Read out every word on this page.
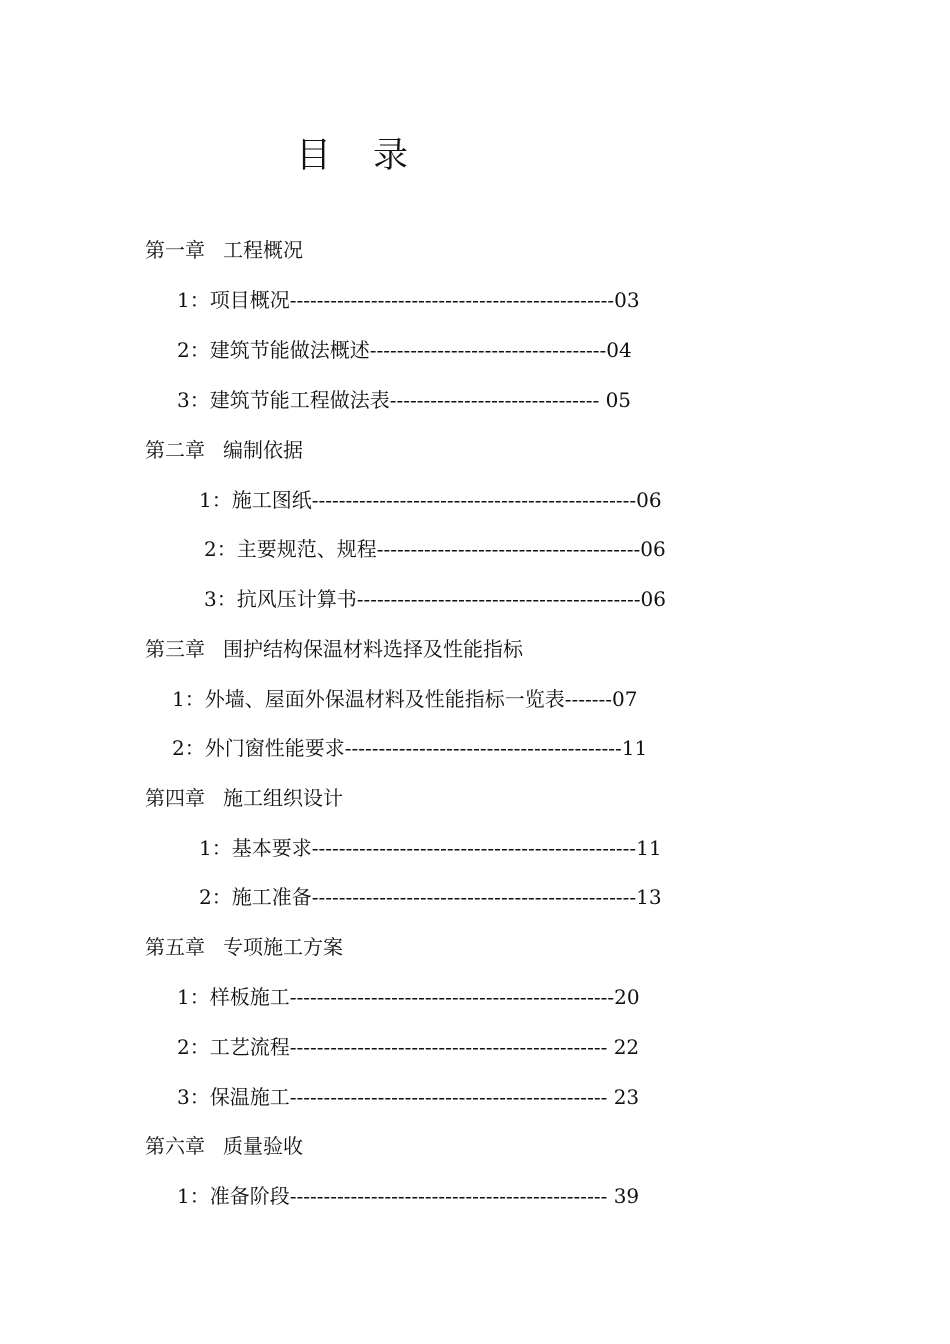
目 录
第一章 工程概况
1：项目概况------------------------------------------------03
2：建筑节能做法概述-----------------------------------04
3：建筑节能工程做法表------------------------------- 05
第二章 编制依据
1：施工图纸------------------------------------------------06
2：主要规范、规程---------------------------------------06
3：抗风压计算书------------------------------------------06
第三章 围护结构保温材料选择及性能指标
1：外墙、屋面外保温材料及性能指标一览表-------07
2：外门窗性能要求-----------------------------------------11
第四章 施工组织设计
1：基本要求------------------------------------------------11
2：施工准备------------------------------------------------13
第五章 专项施工方案
1：样板施工------------------------------------------------20
2：工艺流程----------------------------------------------- 22
3：保温施工----------------------------------------------- 23
第六章 质量验收
1：准备阶段----------------------------------------------- 39
